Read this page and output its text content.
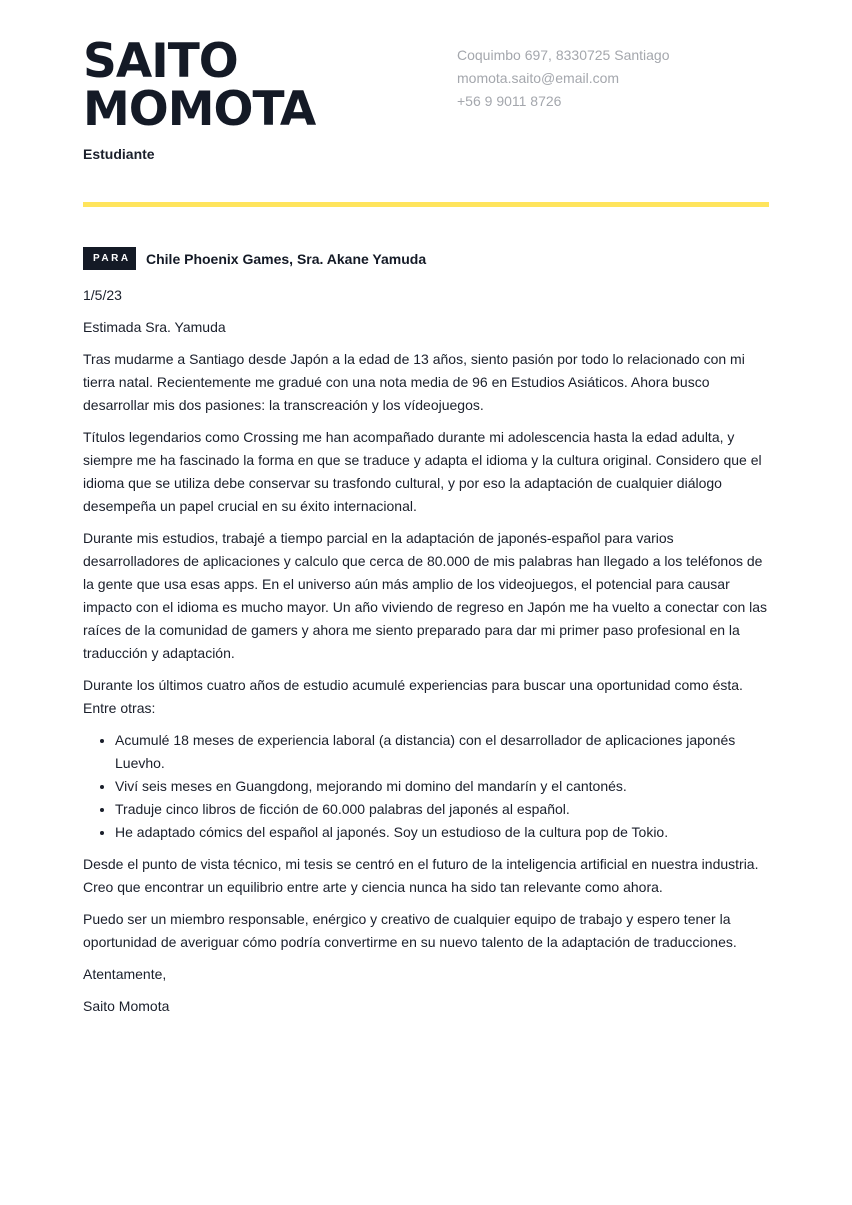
SAITO
MOMOTA
Estudiante
Coquimbo 697, 8330725 Santiago
momota.saito@email.com
+56 9 9011 8726
PARA	Chile Phoenix Games, Sra. Akane Yamuda

1/5/23

Estimada Sra. Yamuda

Tras mudarme a Santiago desde Japón a la edad de 13 años, siento pasión por todo lo relacionado con mi tierra natal. Recientemente me gradué con una nota media de 96 en Estudios Asiáticos. Ahora busco desarrollar mis dos pasiones: la transcreación y los vídeojuegos.

Títulos legendarios como Crossing me han acompañado durante mi adolescencia hasta la edad adulta, y siempre me ha fascinado la forma en que se traduce y adapta el idioma y la cultura original. Considero que el idioma que se utiliza debe conservar su trasfondo cultural, y por eso la adaptación de cualquier diálogo desempeña un papel crucial en su éxito internacional.

Durante mis estudios, trabajé a tiempo parcial en la adaptación de japonés-español para varios desarrolladores de aplicaciones y calculo que cerca de 80.000 de mis palabras han llegado a los teléfonos de la gente que usa esas apps. En el universo aún más amplio de los videojuegos, el potencial para causar impacto con el idioma es mucho mayor. Un año viviendo de regreso en Japón me ha vuelto a conectar con las raíces de la comunidad de gamers y ahora me siento preparado para dar mi primer paso profesional en la traducción y adaptación.

Durante los últimos cuatro años de estudio acumulé experiencias para buscar una oportunidad como ésta. Entre otras:

• Acumulé 18 meses de experiencia laboral (a distancia) con el desarrollador de aplicaciones japonés Luevho.
• Viví seis meses en Guangdong, mejorando mi domino del mandarín y el cantonés.
• Traduje cinco libros de ficción de 60.000 palabras del japonés al español.
• He adaptado cómics del español al japonés. Soy un estudioso de la cultura pop de Tokio.

Desde el punto de vista técnico, mi tesis se centró en el futuro de la inteligencia artificial en nuestra industria. Creo que encontrar un equilibrio entre arte y ciencia nunca ha sido tan relevante como ahora.

Puedo ser un miembro responsable, enérgico y creativo de cualquier equipo de trabajo y espero tener la oportunidad de averiguar cómo podría convertirme en su nuevo talento de la adaptación de traducciones.

Atentamente,

Saito Momota
